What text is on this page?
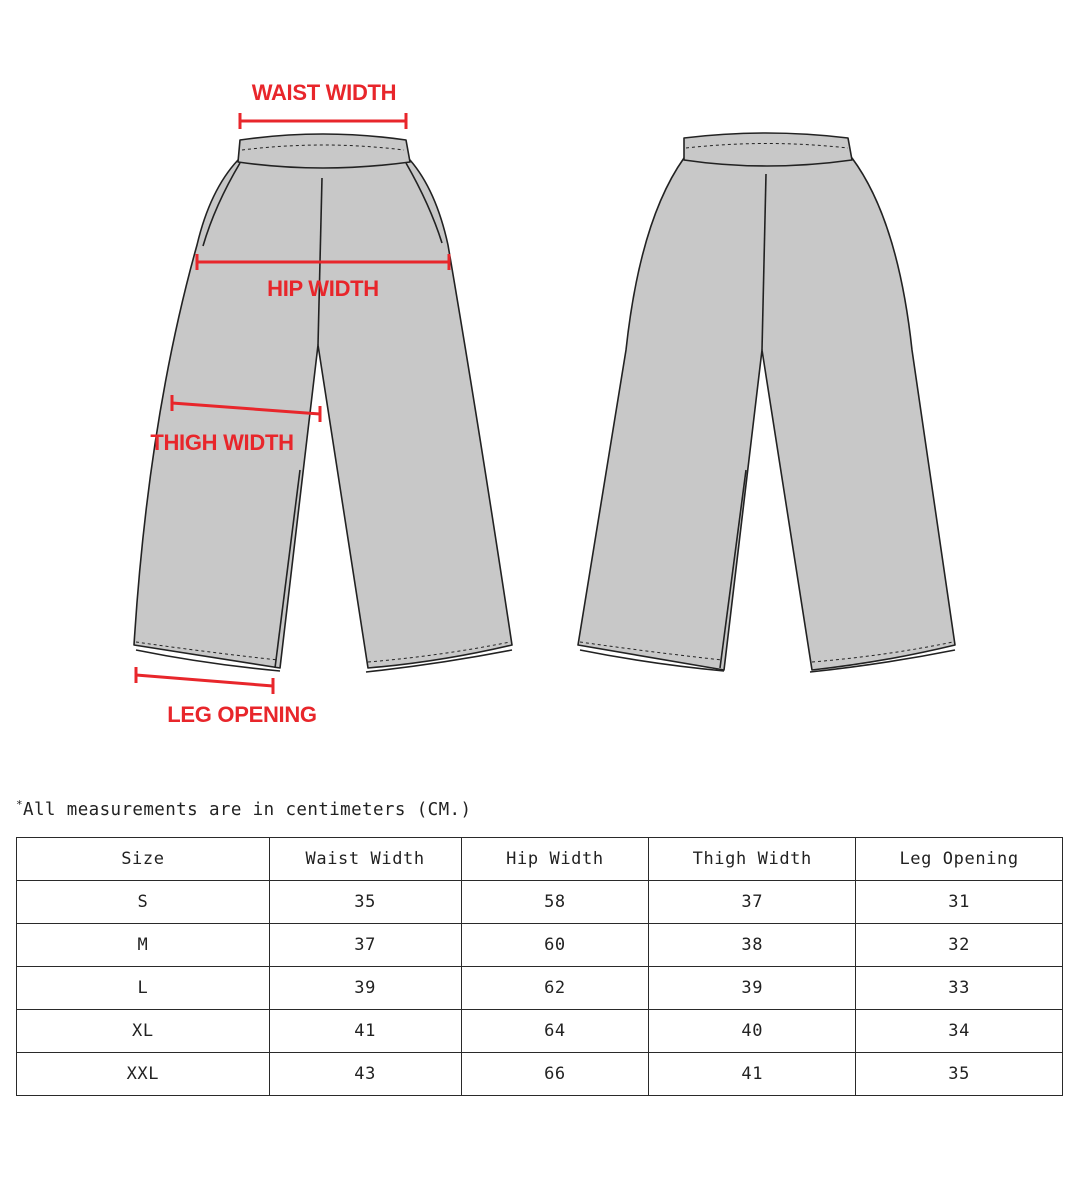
WAIST WIDTH
HIP WIDTH
THIGH WIDTH
LEG OPENING
*All measurements are in centimeters (CM.)
Size	Waist Width	Hip Width	Thigh Width	Leg Opening
S	35	58	37	31
M	37	60	38	32
L	39	62	39	33
XL	41	64	40	34
XXL	43	66	41	35
